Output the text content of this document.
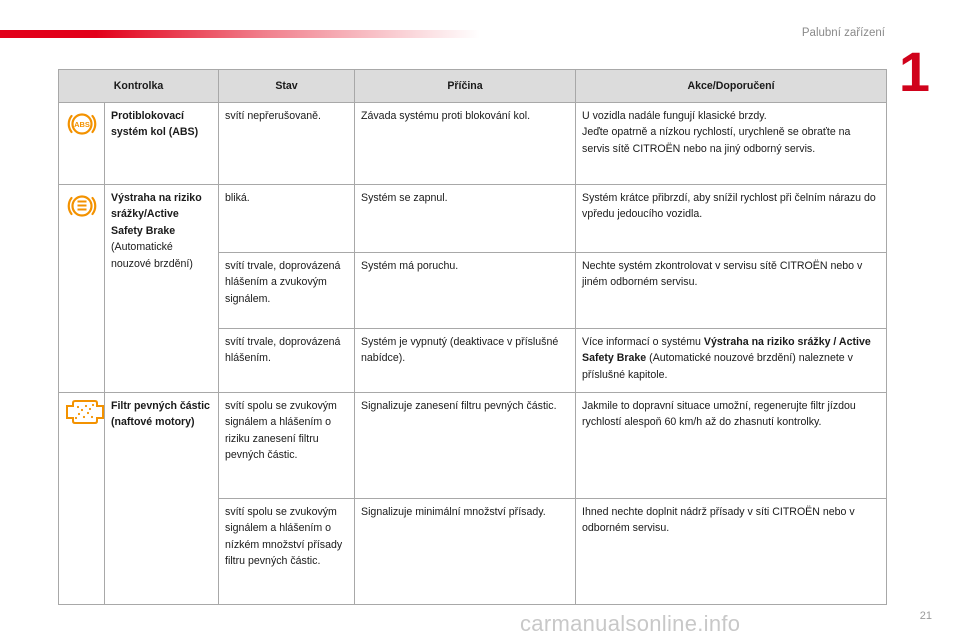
Palubní zařízení
1
Kontrolka		Stav	Příčina	Akce/Doporučení

ABS	Protiblokovací systém kol (ABS)	svítí nepřerušovaně.	Závada systému proti blokování kol.	U vozidla nadále fungují klasické brzdy.
Jeďte opatrně a nízkou rychlostí, urychleně se obraťte na servis sítě CITROËN nebo na jiný odborný servis.

Výstraha na riziko srážky/Active Safety Brake
(Automatické nouzové brzdění)	bliká.	Systém se zapnul.	Systém krátce přibrzdí, aby snížil rychlost při čelním nárazu do vpředu jedoucího vozidla.
		svítí trvale, doprovázená hlášením a zvukovým signálem.	Systém má poruchu.	Nechte systém zkontrolovat v servisu sítě CITROËN nebo v jiném odborném servisu.
		svítí trvale, doprovázená hlášením.	Systém je vypnutý (deaktivace v příslušné nabídce).	Více informací o systému Výstraha na riziko srážky / Active Safety Brake (Automatické nouzové brzdění) naleznete v příslušné kapitole.
	Filtr pevných částic (naftové motory)	svítí spolu se zvukovým signálem a hlášením o riziku zanesení filtru pevných částic.	Signalizuje zanesení filtru pevných částic.	Jakmile to dopravní situace umožní, regenerujte filtr jízdou rychlostí alespoň 60 km/h až do zhasnutí kontrolky.
		svítí spolu se zvukovým signálem a hlášením o nízkém množství přísady filtru pevných částic.	Signalizuje minimální množství přísady.	Ihned nechte doplnit nádrž přísady v síti CITROËN nebo v odborném servisu.
carmanualsonline.info	21
